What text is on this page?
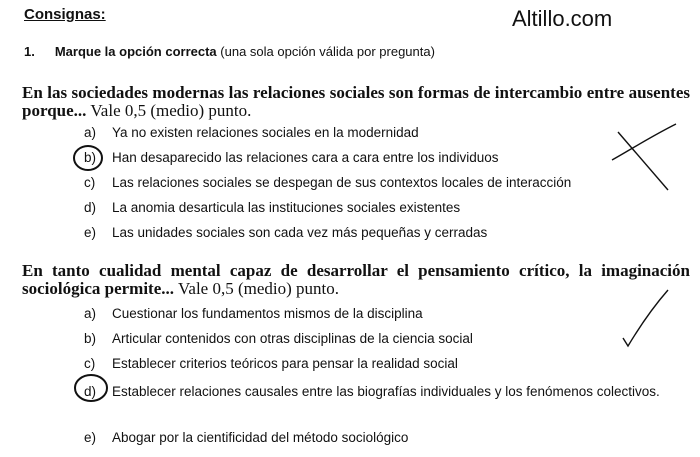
Consignas:	Altillo.com
1. Marque la opción correcta (una sola opción válida por pregunta)
En las sociedades modernas las relaciones sociales son formas de intercambio entre ausentes porque... Vale 0,5 (medio) punto.
a) Ya no existen relaciones sociales en la modernidad
b) Han desaparecido las relaciones cara a cara entre los individuos
c) Las relaciones sociales se despegan de sus contextos locales de interacción
d) La anomia desarticula las instituciones sociales existentes
e) Las unidades sociales son cada vez más pequeñas y cerradas
En tanto cualidad mental capaz de desarrollar el pensamiento crítico, la imaginación sociológica permite... Vale 0,5 (medio) punto.
a) Cuestionar los fundamentos mismos de la disciplina
b) Articular contenidos con otras disciplinas de la ciencia social
c) Establecer criterios teóricos para pensar la realidad social
d) Establecer relaciones causales entre las biografías individuales y los fenómenos colectivos.
e) Abogar por la cientificidad del método sociológico
